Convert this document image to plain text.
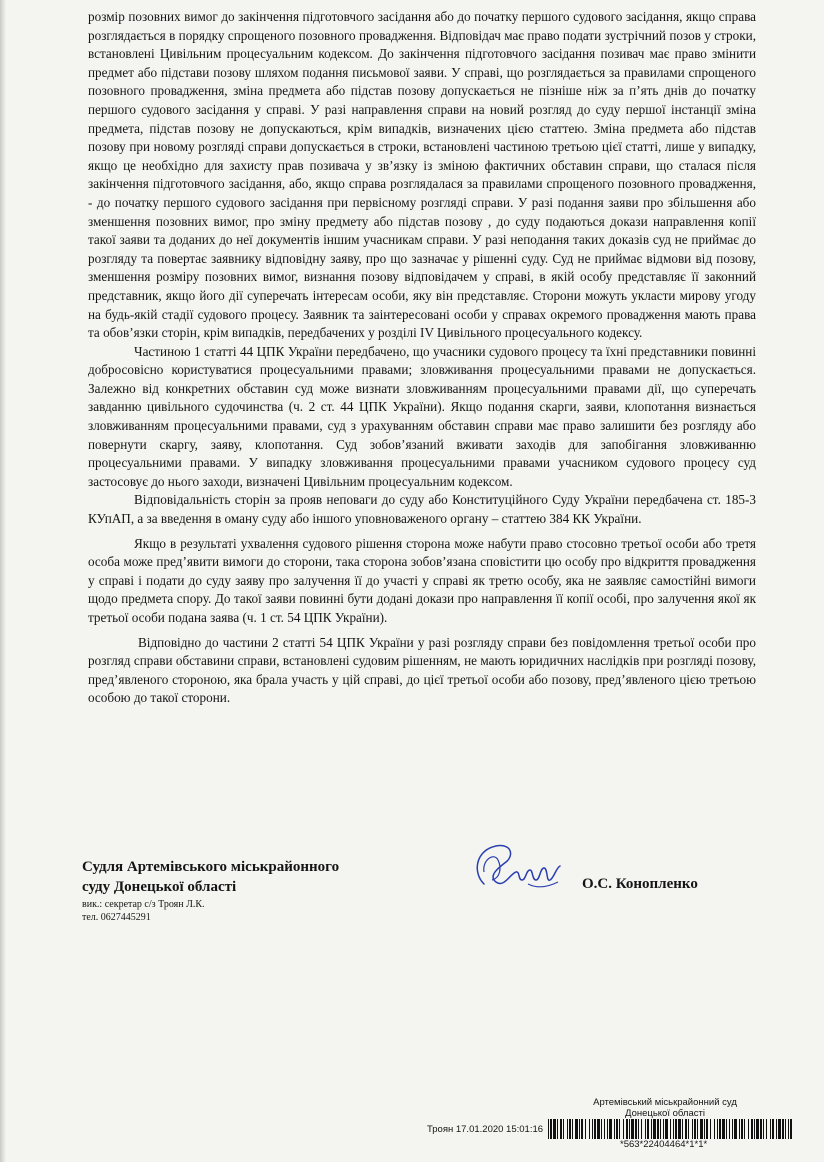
розмір позовних вимог до закінчення підготовчого засідання або до початку першого судового засідання, якщо справа розглядається в порядку спрощеного позовного провадження. Відповідач має право подати зустрічний позов у строки, встановлені Цивільним процесуальним кодексом. До закінчення підготовчого засідання позивач має право змінити предмет або підстави позову шляхом подання письмової заяви. У справі, що розглядається за правилами спрощеного позовного провадження, зміна предмета або підстав позову допускається не пізніше ніж за п’ять днів до початку першого судового засідання у справі. У разі направлення справи на новий розгляд до суду першої інстанції зміна предмета, підстав позову не допускаються, крім випадків, визначених цією статтею. Зміна предмета або підстав позову при новому розгляді справи допускається в строки, встановлені частиною третьою цієї статті, лише у випадку, якщо це необхідно для захисту прав позивача у зв’язку із зміною фактичних обставин справи, що сталася після закінчення підготовчого засідання, або, якщо справа розглядалася за правилами спрощеного позовного провадження, - до початку першого судового засідання при первісному розгляді справи. У разі подання заяви про збільшення або зменшення позовних вимог, про зміну предмету або підстав позову , до суду подаються докази направлення копії такої заяви та доданих до неї документів іншим учасникам справи. У разі неподання таких доказів суд не приймає до розгляду та повертає заявнику відповідну заяву, про що зазначає у рішенні суду. Суд не приймає відмови від позову, зменшення розміру позовних вимог, визнання позову відповідачем у справі, в якій особу представляє її законний представник, якщо його дії суперечать інтересам особи, яку він представляє. Сторони можуть укласти мирову угоду на будь-якій стадії судового процесу. Заявник та заінтересовані особи у справах окремого провадження мають права та обов’язки сторін, крім випадків, передбачених у розділі IV Цивільного процесуального кодексу.

Частиною 1 статті 44 ЦПК України передбачено, що учасники судового процесу та їхні представники повинні добросовісно користуватися процесуальними правами; зловживання процесуальними правами не допускається. Залежно від конкретних обставин суд може визнати зловживанням процесуальними правами дії, що суперечать завданню цивільного судочинства (ч. 2 ст. 44 ЦПК України). Якщо подання скарги, заяви, клопотання визнається зловживанням процесуальними правами, суд з урахуванням обставин справи має право залишити без розгляду або повернути скаргу, заяву, клопотання. Суд зобов’язаний вживати заходів для запобігання зловживанню процесуальними правами. У випадку зловживання процесуальними правами учасником судового процесу суд застосовує до нього заходи, визначені Цивільним процесуальним кодексом.

Відповідальність сторін за прояв неповаги до суду або Конституційного Суду України передбачена ст. 185-3 КУпАП, а за введення в оману суду або іншого уповноваженого органу – статтею 384 КК України.

Якщо в результаті ухвалення судового рішення сторона може набути право стосовно третьої особи або третя особа може пред’явити вимоги до сторони, така сторона зобов’язана сповістити цю особу про відкриття провадження у справі і подати до суду заяву про залучення її до участі у справі як третю особу, яка не заявляє самостійні вимоги щодо предмета спору. До такої заяви повинні бути додані докази про направлення її копії особі, про залучення якої як третьої особи подана заява (ч. 1 ст. 54 ЦПК України).

Відповідно до частини 2 статті 54 ЦПК України у разі розгляду справи без повідомлення третьої особи про розгляд справи обставини справи, встановлені судовим рішенням, не мають юридичних наслідків при розгляді позову, пред’явленого стороною, яка брала участь у цій справі, до цієї третьої особи або позову, пред’явленого цією третьою особою до такої сторони.

Судля Артемівського міськрайонного
суду Донецької області
вик.: секретар с/з Троян Л.К.
тел. 0627445291
О.С. Конопленко
Артемівський міськрайонний суд
Донецької області
Троян 17.01.2020 15:01:16
*563*22404464*1*1*
